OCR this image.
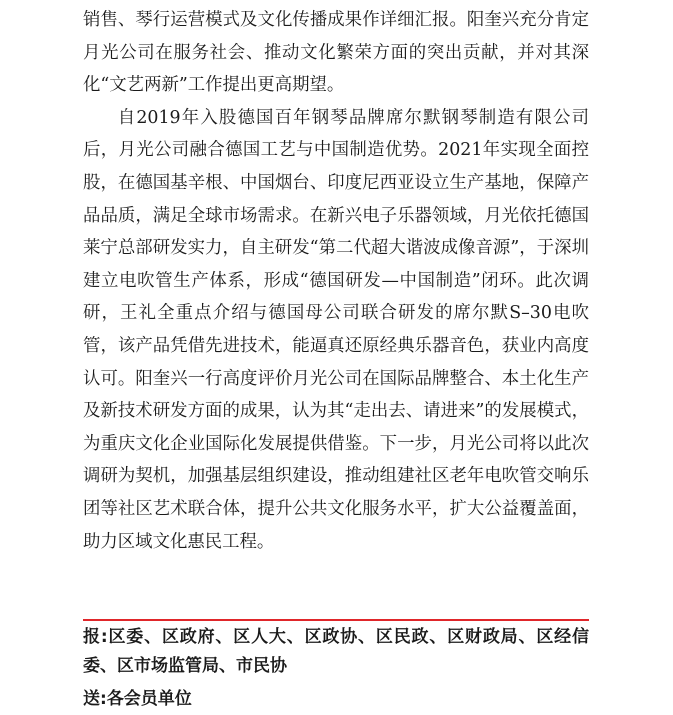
销售、琴行运营模式及文化传播成果作详细汇报。阳奎兴充分肯定月光公司在服务社会、推动文化繁荣方面的突出贡献，并对其深化“文艺两新”工作提出更高期望。

自2019年入股德国百年钢琴品牌席尔默钢琴制造有限公司后，月光公司融合德国工艺与中国制造优势。2021年实现全面控股，在德国基辛根、中国烟台、印度尼西亚设立生产基地，保障产品品质，满足全球市场需求。在新兴电子乐器领域，月光依托德国莱宁总部研发实力，自主研发“第二代超大谐波成像音源”，于深圳建立电吹管生产体系，形成“德国研发—中国制造”闭环。此次调研，王礼全重点介绍与德国母公司联合研发的席尔默S–30电吹管，该产品凭借先进技术，能逼真还原经典乐器音色，获业内高度认可。阳奎兴一行高度评价月光公司在国际品牌整合、本土化生产及新技术研发方面的成果，认为其“走出去、请进来”的发展模式，为重庆文化企业国际化发展提供借鉴。下一步，月光公司将以此次调研为契机，加强基层组织建设，推动组建社区老年电吹管交响乐团等社区艺术联合体，提升公共文化服务水平，扩大公益覆盖面，助力区域文化惠民工程。

报:区委、区政府、区人大、区政协、区民政、区财政局、区经信委、区市场监管局、市民协

送:各会员单位
